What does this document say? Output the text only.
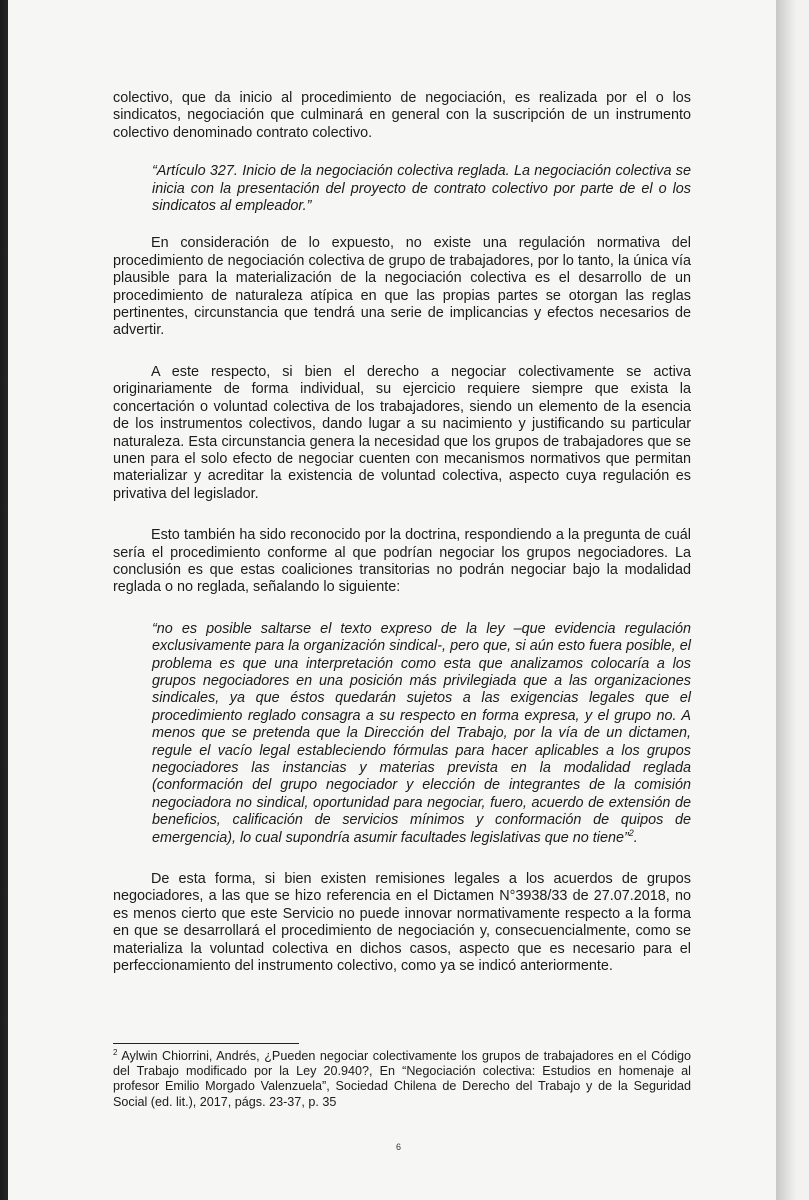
colectivo, que da inicio al procedimiento de negociación, es realizada por el o los sindicatos, negociación que culminará en general con la suscripción de un instrumento colectivo denominado contrato colectivo.

“Artículo 327. Inicio de la negociación colectiva reglada. La negociación colectiva se inicia con la presentación del proyecto de contrato colectivo por parte de el o los sindicatos al empleador.”

En consideración de lo expuesto, no existe una regulación normativa del procedimiento de negociación colectiva de grupo de trabajadores, por lo tanto, la única vía plausible para la materialización de la negociación colectiva es el desarrollo de un procedimiento de naturaleza atípica en que las propias partes se otorgan las reglas pertinentes, circunstancia que tendrá una serie de implicancias y efectos necesarios de advertir.

A este respecto, si bien el derecho a negociar colectivamente se activa originariamente de forma individual, su ejercicio requiere siempre que exista la concertación o voluntad colectiva de los trabajadores, siendo un elemento de la esencia de los instrumentos colectivos, dando lugar a su nacimiento y justificando su particular naturaleza. Esta circunstancia genera la necesidad que los grupos de trabajadores que se unen para el solo efecto de negociar cuenten con mecanismos normativos que permitan materializar y acreditar la existencia de voluntad colectiva, aspecto cuya regulación es privativa del legislador.

Esto también ha sido reconocido por la doctrina, respondiendo a la pregunta de cuál sería el procedimiento conforme al que podrían negociar los grupos negociadores. La conclusión es que estas coaliciones transitorias no podrán negociar bajo la modalidad reglada o no reglada, señalando lo siguiente:

“no es posible saltarse el texto expreso de la ley –que evidencia regulación exclusivamente para la organización sindical-, pero que, si aún esto fuera posible, el problema es que una interpretación como esta que analizamos colocaría a los grupos negociadores en una posición más privilegiada que a las organizaciones sindicales, ya que éstos quedarán sujetos a las exigencias legales que el procedimiento reglado consagra a su respecto en forma expresa, y el grupo no. A menos que se pretenda que la Dirección del Trabajo, por la vía de un dictamen, regule el vacío legal estableciendo fórmulas para hacer aplicables a los grupos negociadores las instancias y materias prevista en la modalidad reglada (conformación del grupo negociador y elección de integrantes de la comisión negociadora no sindical, oportunidad para negociar, fuero, acuerdo de extensión de beneficios, calificación de servicios mínimos y conformación de quipos de emergencia), lo cual supondría asumir facultades legislativas que no tiene”$^2$.

De esta forma, si bien existen remisiones legales a los acuerdos de grupos negociadores, a las que se hizo referencia en el Dictamen N°3938/33 de 27.07.2018, no es menos cierto que este Servicio no puede innovar normativamente respecto a la forma en que se desarrollará el procedimiento de negociación y, consecuencialmente, como se materializa la voluntad colectiva en dichos casos, aspecto que es necesario para el perfeccionamiento del instrumento colectivo, como ya se indicó anteriormente.

$^2$ Aylwin Chiorrini, Andrés, ¿Pueden negociar colectivamente los grupos de trabajadores en el Código del Trabajo modificado por la Ley 20.940?, En “Negociación colectiva: Estudios en homenaje al profesor Emilio Morgado Valenzuela”, Sociedad Chilena de Derecho del Trabajo y de la Seguridad Social (ed. lit.), 2017, págs. 23-37, p. 35

6
